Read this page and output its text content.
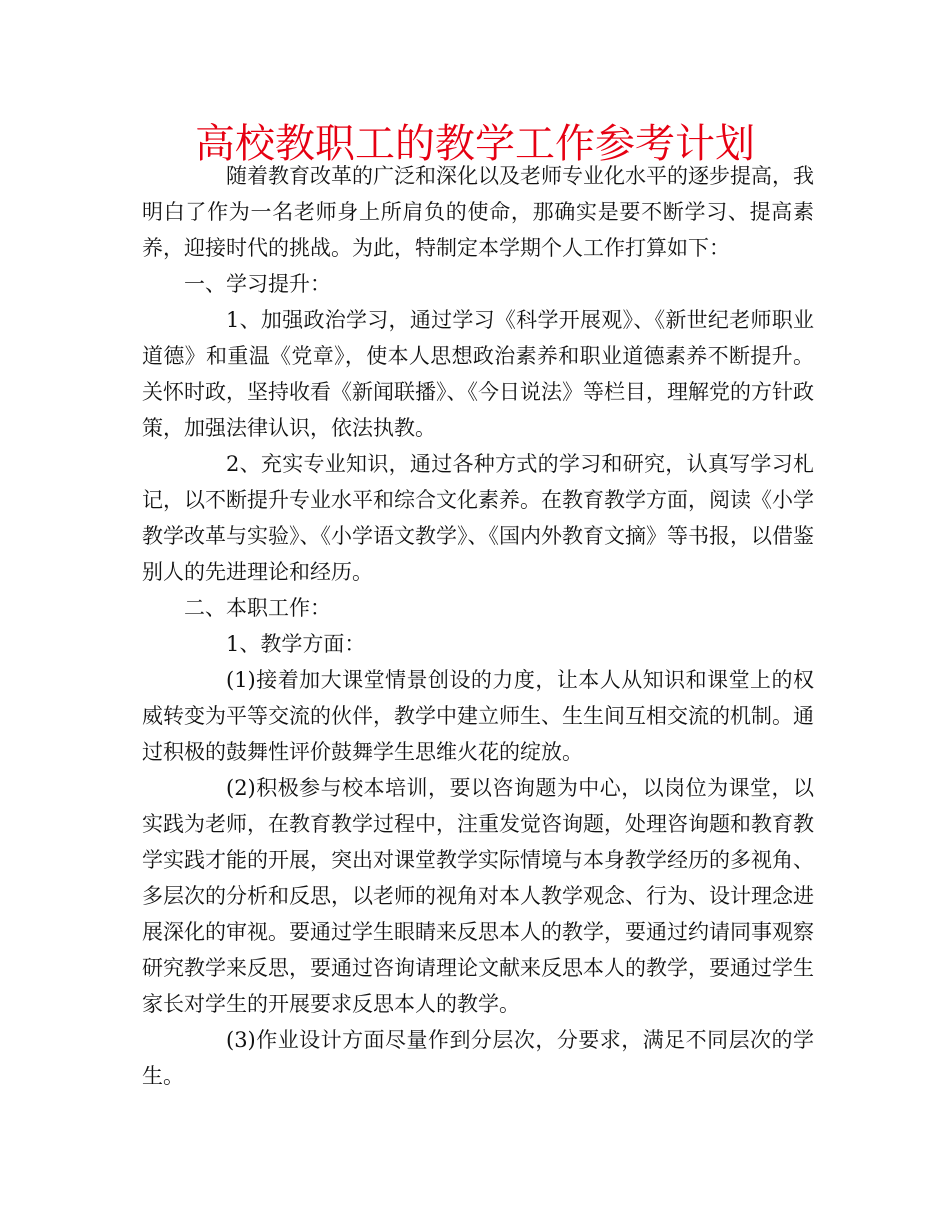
高校教职工的教学工作参考计划

随着教育改革的广泛和深化以及老师专业化水平的逐步提高，我明白了作为一名老师身上所肩负的使命，那确实是要不断学习、提高素养，迎接时代的挑战。为此，特制定本学期个人工作打算如下：

一、学习提升：

1、加强政治学习，通过学习《科学开展观》、《新世纪老师职业道德》和重温《党章》，使本人思想政治素养和职业道德素养不断提升。关怀时政，坚持收看《新闻联播》、《今日说法》等栏目，理解党的方针政策，加强法律认识，依法执教。

2、充实专业知识，通过各种方式的学习和研究，认真写学习札记，以不断提升专业水平和综合文化素养。在教育教学方面，阅读《小学教学改革与实验》、《小学语文教学》、《国内外教育文摘》等书报，以借鉴别人的先进理论和经历。

二、本职工作：

1、教学方面：

(1)接着加大课堂情景创设的力度，让本人从知识和课堂上的权威转变为平等交流的伙伴，教学中建立师生、生生间互相交流的机制。通过积极的鼓舞性评价鼓舞学生思维火花的绽放。

(2)积极参与校本培训，要以咨询题为中心，以岗位为课堂，以实践为老师，在教育教学过程中，注重发觉咨询题，处理咨询题和教育教学实践才能的开展，突出对课堂教学实际情境与本身教学经历的多视角、多层次的分析和反思，以老师的视角对本人教学观念、行为、设计理念进展深化的审视。要通过学生眼睛来反思本人的教学，要通过约请同事观察研究教学来反思，要通过咨询请理论文献来反思本人的教学，要通过学生家长对学生的开展要求反思本人的教学。

(3)作业设计方面尽量作到分层次，分要求，满足不同层次的学生。
